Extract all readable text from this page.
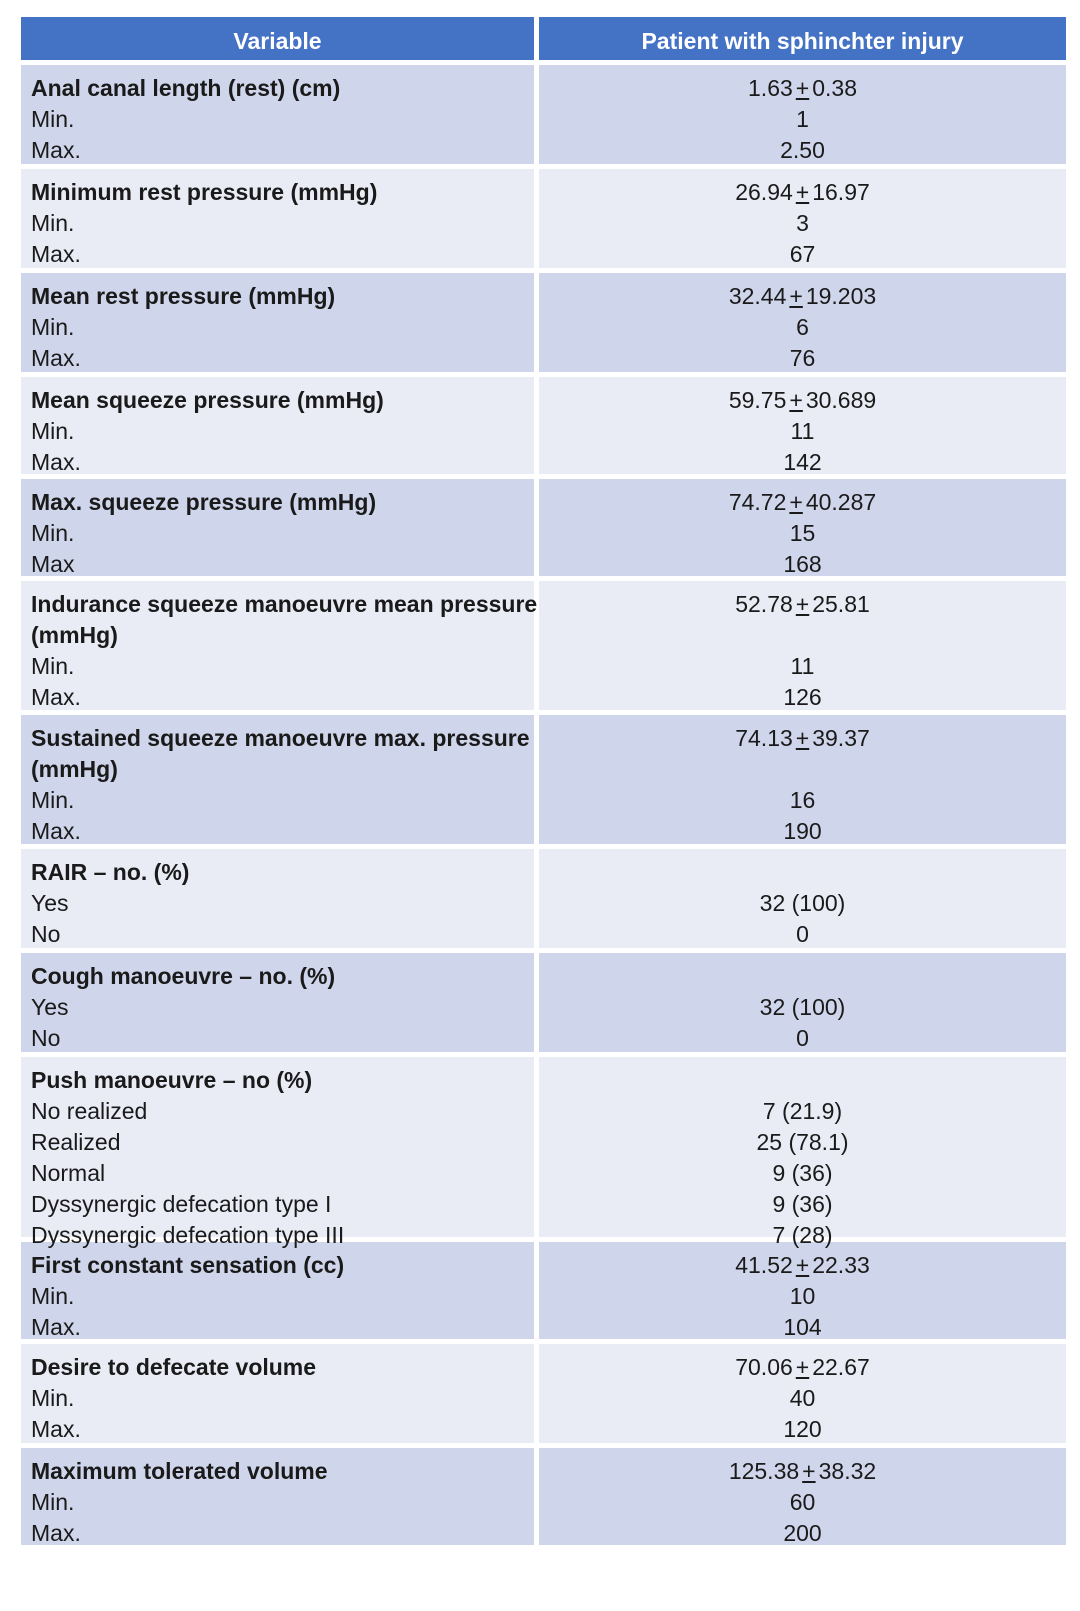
Variable	Patient with sphinchter injury
Anal canal length (rest) (cm)
Min.
Max.
1.63 + 0.38
1
2.50
Minimum rest pressure (mmHg)
Min.
Max.
26.94 + 16.97
3
67
Mean rest pressure (mmHg)
Min.
Max.
32.44 + 19.203
6
76
Mean squeeze pressure (mmHg)
Min.
Max.
59.75 + 30.689
11
142
Max. squeeze pressure (mmHg)
Min.
Max
74.72 + 40.287
15
168
Indurance squeeze manoeuvre mean pressure
(mmHg)
Min.
Max.
52.78 + 25.81
11
126
Sustained squeeze manoeuvre max. pressure
(mmHg)
Min.
Max.
74.13 + 39.37
16
190
RAIR – no. (%)
Yes
No
32 (100)
0
Cough manoeuvre – no. (%)
Yes
No
32 (100)
0
Push manoeuvre – no (%)
No realized
Realized
Normal
Dyssynergic defecation type I
Dyssynergic defecation type III
7 (21.9)
25 (78.1)
9 (36)
9 (36)
7 (28)
First constant sensation (cc)
Min.
Max.
41.52 + 22.33
10
104
Desire to defecate volume
Min.
Max.
70.06 + 22.67
40
120
Maximum tolerated volume
Min.
Max.
125.38 + 38.32
60
200
